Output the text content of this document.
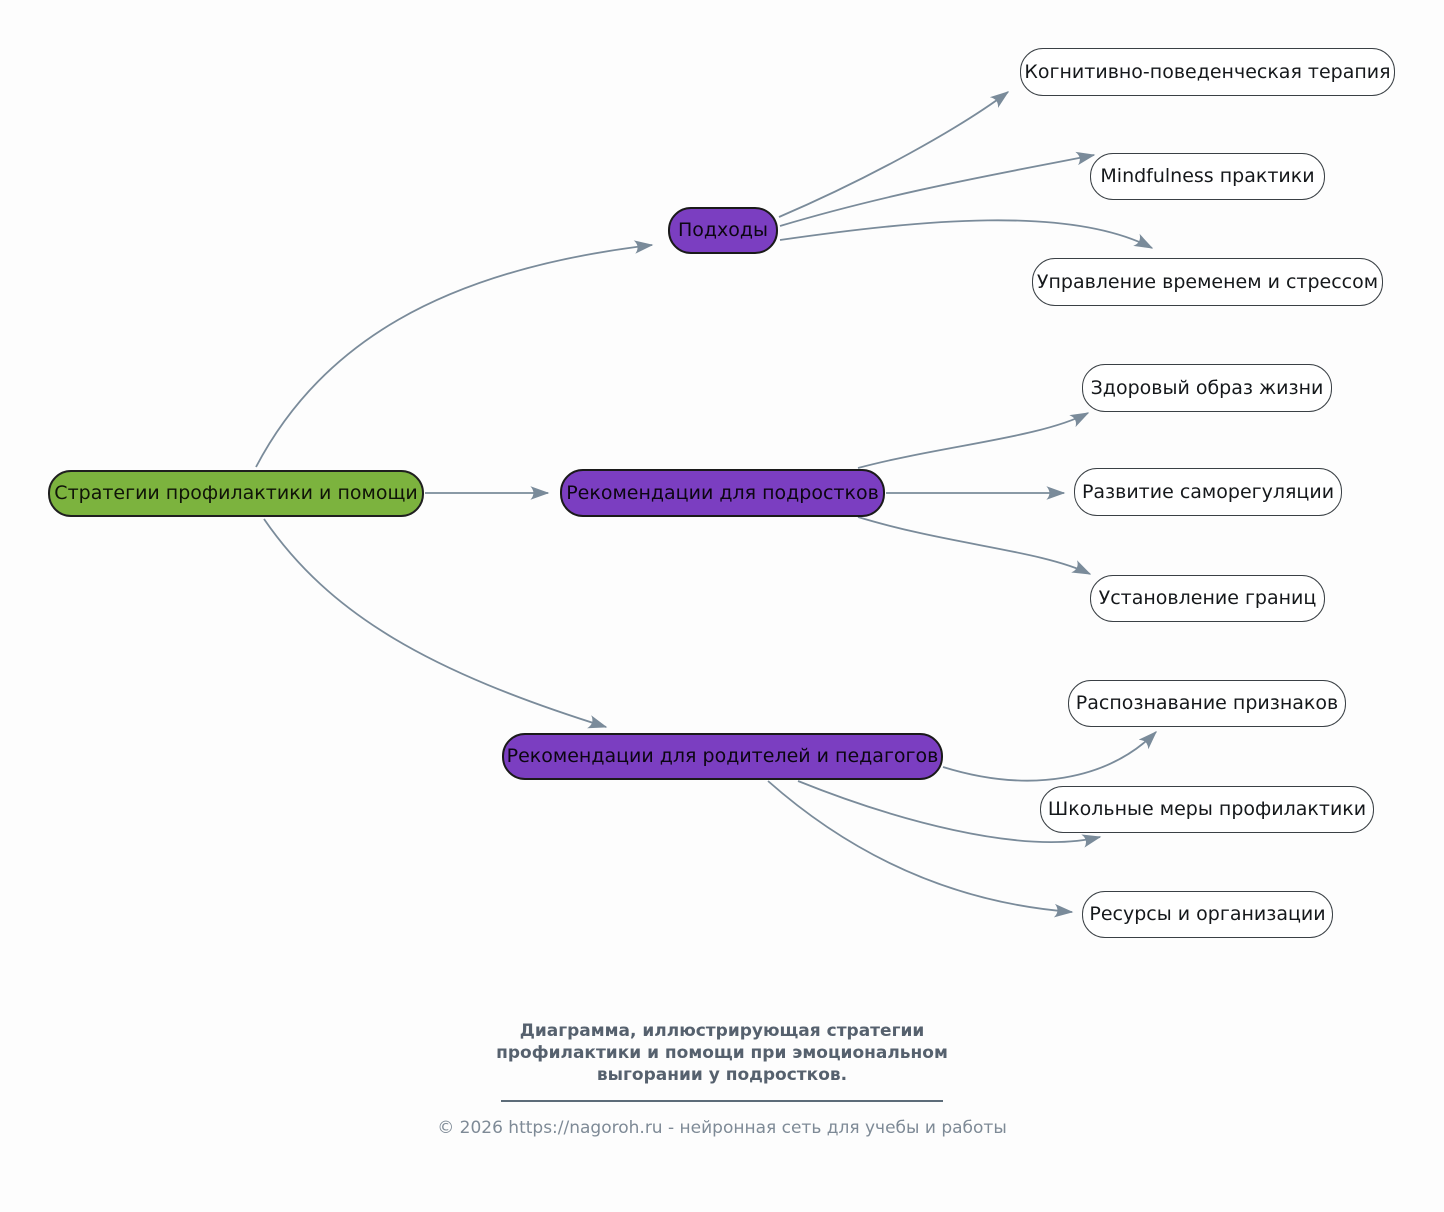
Стратегии профилактики и помощи
Подходы
Рекомендации для подростков
Рекомендации для родителей и педагогов
Когнитивно-поведенческая терапия
Mindfulness практики
Управление временем и стрессом
Здоровый образ жизни
Развитие саморегуляции
Установление границ
Распознавание признаков
Школьные меры профилактики
Ресурсы и организации
Диаграмма, иллюстрирующая стратегии
профилактики и помощи при эмоциональном
выгорании у подростков.
© 2026 https://nagoroh.ru - нейронная сеть для учебы и работы
